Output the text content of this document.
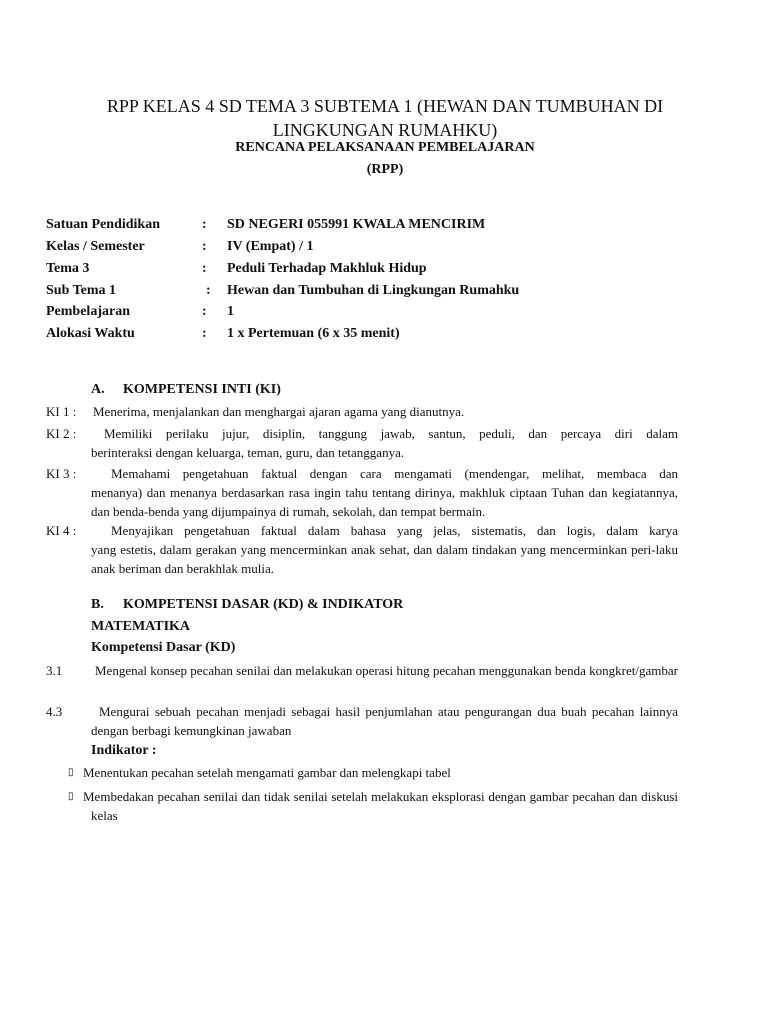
RPP KELAS 4 SD TEMA 3 SUBTEMA 1 (HEWAN DAN TUMBUHAN DI
LINGKUNGAN RUMAHKU)
RENCANA PELAKSANAAN PEMBELAJARAN
(RPP)
Satuan Pendidikan	: SD NEGERI 055991 KWALA MENCIRIM
Kelas / Semester	: IV (Empat) / 1
Tema 3	: Peduli Terhadap Makhluk Hidup
Sub Tema 1	: Hewan dan Tumbuhan di Lingkungan Rumahku
Pembelajaran	: 1
Alokasi Waktu	: 1 x Pertemuan (6 x 35 menit)
A. KOMPETENSI INTI (KI)
KI 1 : Menerima, menjalankan dan menghargai ajaran agama yang dianutnya.
KI 2 : Memiliki perilaku jujur, disiplin, tanggung jawab, santun, peduli, dan percaya diri dalam
berinteraksi dengan keluarga, teman, guru, dan tetangganya.
KI 3 :	Memahami pengetahuan faktual dengan cara mengamati (mendengar, melihat, membaca dan
menanya) dan menanya berdasarkan rasa ingin tahu tentang dirinya, makhluk ciptaan Tuhan dan kegiatannya, dan benda-benda yang dijumpainya di rumah, sekolah, dan tempat bermain.
KI 4 :	Menyajikan pengetahuan faktual dalam bahasa yang jelas, sistematis, dan logis, dalam karya
yang estetis, dalam gerakan yang mencerminkan anak sehat, dan dalam tindakan yang mencerminkan peri-laku anak beriman dan berakhlak mulia.
B. KOMPETENSI DASAR (KD) & INDIKATOR
MATEMATIKA
Kompetensi Dasar (KD)
3.1	Mengenal konsep pecahan senilai dan melakukan operasi hitung pecahan menggunakan benda kongkret/gambar
4.3	Mengurai sebuah pecahan menjadi sebagai hasil penjumlahan atau pengurangan dua buah pecahan lainnya dengan berbagi kemungkinan jawaban
Indikator :
▯ Menentukan pecahan setelah mengamati gambar dan melengkapi tabel
▯ Membedakan pecahan senilai dan tidak senilai setelah melakukan eksplorasi dengan gambar pecahan dan diskusi kelas
